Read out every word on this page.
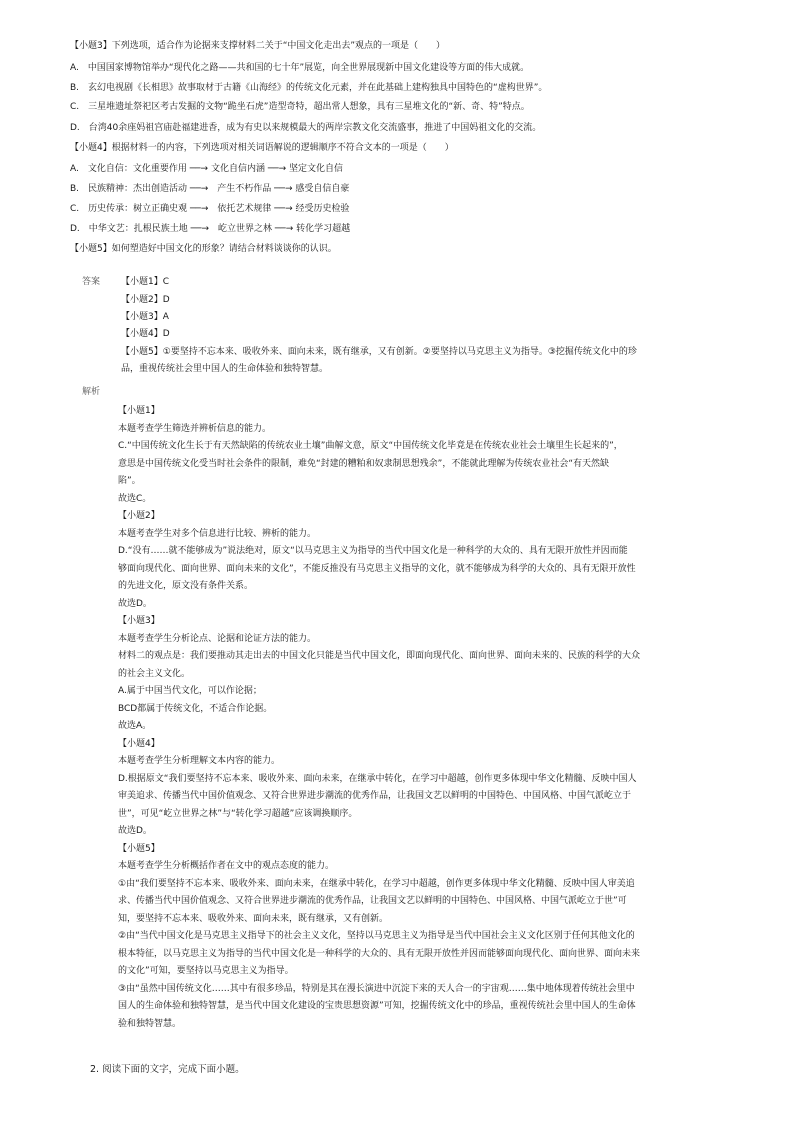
【小题3】下列选项，适合作为论据来支撑材料二关于“中国文化走出去”观点的一项是（　　）
A.　中国国家博物馆举办“现代化之路——共和国的七十年”展览，向全世界展现新中国文化建设等方面的伟大成就。
B.　玄幻电视剧《长相思》故事取材于古籍《山海经》的传统文化元素，并在此基础上建构独具中国特色的“虚构世界”。
C.　三星堆遗址祭祀区考古发掘的文物“跪坐石虎”造型奇特，超出常人想象，具有三星堆文化的“新、奇、特”特点。
D.　台湾40余座妈祖宫庙赴福建进香，成为有史以来规模最大的两岸宗教文化交流盛事，推进了中国妈祖文化的交流。
【小题4】根据材料一的内容，下列选项对相关词语解说的逻辑顺序不符合文本的一项是（　　）
A.　文化自信：文化重要作用 ──→ 文化自信内涵 ──→ 坚定文化自信
B.　民族精神：杰出创造活动 ──→　产生不朽作品 ──→ 感受自信自豪
C.　历史传承：树立正确史观 ──→　依托艺术规律 ──→ 经受历史检验
D.　中华文艺：扎根民族土地 ──→　屹立世界之林 ──→ 转化学习超越
【小题5】如何塑造好中国文化的形象？请结合材料谈谈你的认识。
答案 【小题1】C
【小题2】D
【小题3】A
【小题4】D
【小题5】①要坚持不忘本来、吸收外来、面向未来，既有继承，又有创新。②要坚持以马克思主义为指导。③挖掘传统文化中的珍
品，重视传统社会里中国人的生命体验和独特智慧。
解析
【小题1】
本题考查学生筛选并辨析信息的能力。
C.“中国传统文化生长于有天然缺陷的传统农业土壤”曲解文意，原文“中国传统文化毕竟是在传统农业社会土壤里生长起来的”，
意思是中国传统文化受当时社会条件的限制，难免“封建的糟粕和奴隶制思想残余”，不能就此理解为传统农业社会“有天然缺
陷”。
故选C。
【小题2】
本题考查学生对多个信息进行比较、辨析的能力。
D.“没有……就不能够成为”说法绝对，原文“以马克思主义为指导的当代中国文化是一种科学的大众的、具有无限开放性并因而能
够面向现代化、面向世界、面向未来的文化”，不能反推没有马克思主义指导的文化，就不能够成为科学的大众的、具有无限开放性
的先进文化，原文没有条件关系。
故选D。
【小题3】
本题考查学生分析论点、论据和论证方法的能力。
材料二的观点是：我们要推动其走出去的中国文化只能是当代中国文化，即面向现代化、面向世界、面向未来的、民族的科学的大众
的社会主义文化。
A.属于中国当代文化，可以作论据；
BCD都属于传统文化，不适合作论据。
故选A。
【小题4】
本题考查学生分析理解文本内容的能力。
D.根据原文“我们要坚持不忘本来、吸收外来、面向未来，在继承中转化，在学习中超越，创作更多体现中华文化精髓、反映中国人
审美追求、传播当代中国价值观念、又符合世界进步潮流的优秀作品，让我国文艺以鲜明的中国特色、中国风格、中国气派屹立于
世”，可见“屹立世界之林”与“转化学习超越”应该调换顺序。
故选D。
【小题5】
本题考查学生分析概括作者在文中的观点态度的能力。
①由“我们要坚持不忘本来、吸收外来、面向未来，在继承中转化，在学习中超越，创作更多体现中华文化精髓、反映中国人审美追
求、传播当代中国价值观念、又符合世界进步潮流的优秀作品，让我国文艺以鲜明的中国特色、中国风格、中国气派屹立于世”可
知，要坚持不忘本来、吸收外来、面向未来，既有继承，又有创新。
②由“当代中国文化是马克思主义指导下的社会主义文化，坚持以马克思主义为指导是当代中国社会主义文化区别于任何其他文化的
根本特征，以马克思主义为指导的当代中国文化是一种科学的大众的、具有无限开放性并因而能够面向现代化、面向世界、面向未来
的文化”可知，要坚持以马克思主义为指导。
③由“虽然中国传统文化……其中有很多珍品，特别是其在漫长演进中沉淀下来的天人合一的宇宙观……集中地体现着传统社会里中
国人的生命体验和独特智慧，是当代中国文化建设的宝贵思想资源”可知，挖掘传统文化中的珍品，重视传统社会里中国人的生命体
验和独特智慧。
2. 阅读下面的文字，完成下面小题。
